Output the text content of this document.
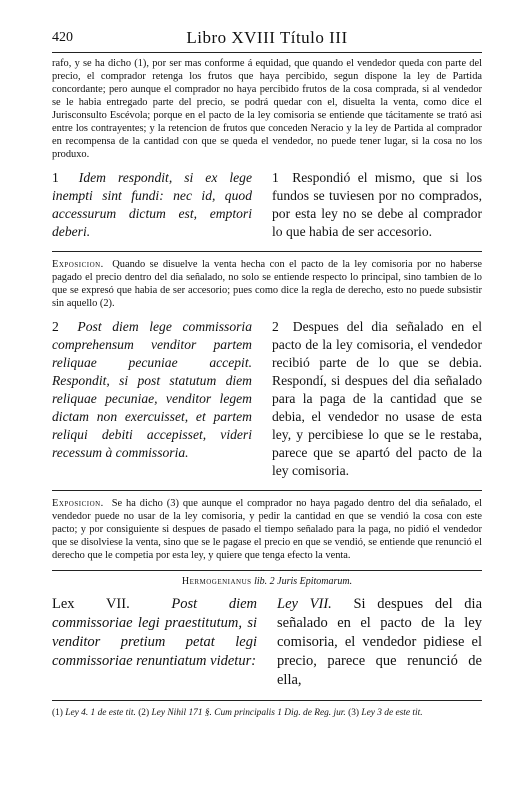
420	Libro XVIII Título III
rafo, y se ha dicho (1), por ser mas conforme á equidad, que quando el vendedor queda con parte del precio, el comprador retenga los frutos que haya percibido, segun dispone la ley de Partida concordante; pero aunque el comprador no haya percibido frutos de la cosa comprada, si al vendedor se le habia entregado parte del precio, se podrá quedar con el, disuelta la venta, como dice el Jurisconsulto Escévola; porque en el pacto de la ley comisoria se entiende que tácitamente se trató asi entre los contrayentes; y la retencion de frutos que conceden Neracio y la ley de Partida al comprador en recompensa de la cantidad con que se queda el vendedor, no puede tener lugar, si la cosa no los produxo.
1 Idem respondit, si ex lege inempti sint fundi: nec id, quod accessurum dictum est, emptori deberi.
1 Respondió el mismo, que si los fundos se tuviesen por no comprados, por esta ley no se debe al comprador lo que habia de ser accesorio.
Exposicion. Quando se disuelve la venta hecha con el pacto de la ley comisoria por no haberse pagado el precio dentro del dia señalado, no solo se entiende respecto lo principal, sino tambien de lo que se expresó que habia de ser accesorio; pues como dice la regla de derecho, esto no puede subsistir sin aquello (2).
2 Post diem lege commissoria comprehensum venditor partem reliquae pecuniae accepit. Respondit, si post statutum diem reliquae pecuniae, venditor legem dictam non exercuisset, et partem reliqui debiti accepisset, videri recessum à commissoria.
2 Despues del dia señalado en el pacto de la ley comisoria, el vendedor recibió parte de lo que se debia. Respondí, si despues del dia señalado para la paga de la cantidad que se debia, el vendedor no usase de esta ley, y percibiese lo que se le restaba, parece que se apartó del pacto de la ley comisoria.
Exposicion. Se ha dicho (3) que aunque el comprador no haya pagado dentro del dia señalado, el vendedor puede no usar de la ley comisoria, y pedir la cantidad en que se vendió la cosa con este pacto; y por consiguiente si despues de pasado el tiempo señalado para la paga, no pidió el vendedor que se disolviese la venta, sino que se le pagase el precio en que se vendió, se entiende que renunció el derecho que le competia por esta ley, y quiere que tenga efecto la venta.
Hermogenianus lib. 2 Juris Epitomarum.
Lex VII.	Post diem commissoriae legi praestitutum, si venditor pretium petat legi commissoriae renuntiatum videtur:
Ley VII. Si despues del dia señalado en el pacto de la ley comisoria, el vendedor pidiese el precio, parece que renunció de ella,
(1) Ley 4. 1 de este tit. (2) Ley Nihil 171 §. Cum principalis 1 Dig. de Reg. jur. (3) Ley 3 de este tit.
